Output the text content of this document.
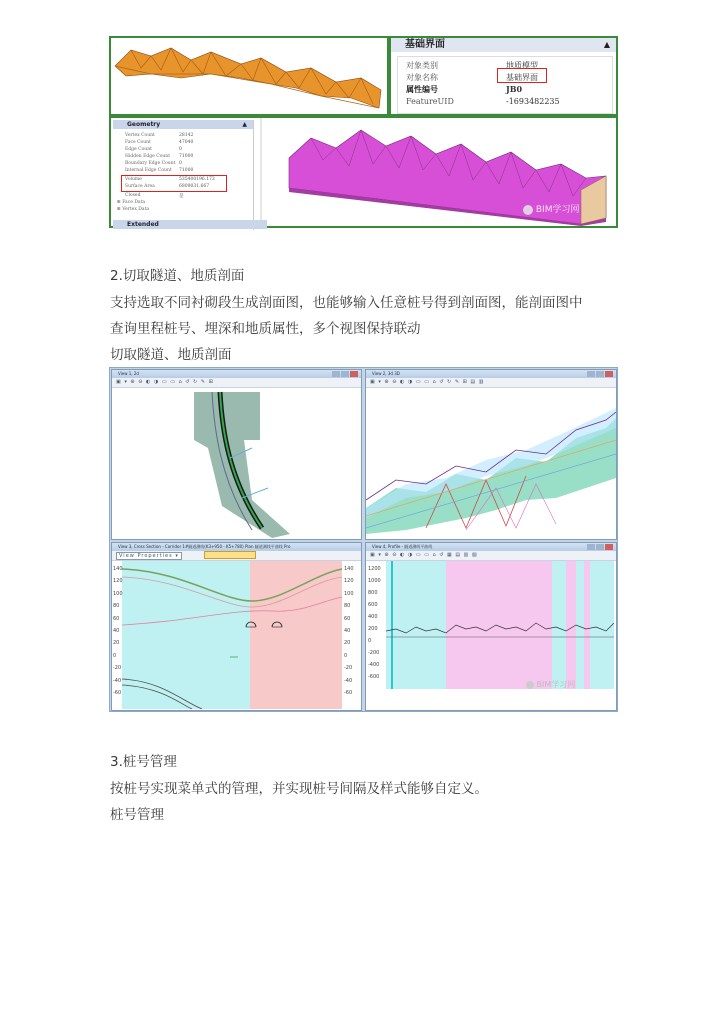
基础界面	▲
对象类别	地质模型
对象名称	基础界面
属性编号	JB0
FeatureUID	-1693482235
Geometry	▲
Vertex Count	28142
Face Count	47040
Edge Count	0
Hidden Edge Count 71000
Boundary Edge Count 0
Internal Edge Count 71000
Volume	535400196.173
Surface Area	6809031.667
Closed	是
⊞ Face Data
⊞ Vertex Data
Extended
BIM学习网
2.切取隧道、地质剖面
支持选取不同衬砌段生成剖面图，也能够输入任意桩号得到剖面图，能剖面图中
查询里程桩号、埋深和地质属性，多个视图保持联动
切取隧道、地质剖面
View 1, 2d
▣ ▾ ⊕ ⊖ ◐ ◑ ▭ ▭ ⌂ ↺ ↻ ✎ ⊞
View 2, 3d 3D
▣ ▾ ⊕ ⊖ ◐ ◑ ▭ ▭ ⌂ ↺ ↻ ✎ ⊞ ▤ ▥
View 3, Cross Section - Corridor 1#隧道测线(K3+950 - K5+780) Plan 隧道测线平曲线 Pro
View Properties ▾
140
120
100
80
60
40
20
0
-20
-40
-60
140
120
100
80
60
40
20
0
-20
-40
-60
View 4, Profile - 隧道测线平曲线
▣ ▾ ⊕ ⊖ ◐ ◑ ▭ ▭ ⌂ ↺ ▦ ▤ ▥ ▧
1200
1000
800
600
400
200
0
-200
-400
-600
BIM学习网
3.桩号管理
按桩号实现菜单式的管理，并实现桩号间隔及样式能够自定义。
桩号管理
